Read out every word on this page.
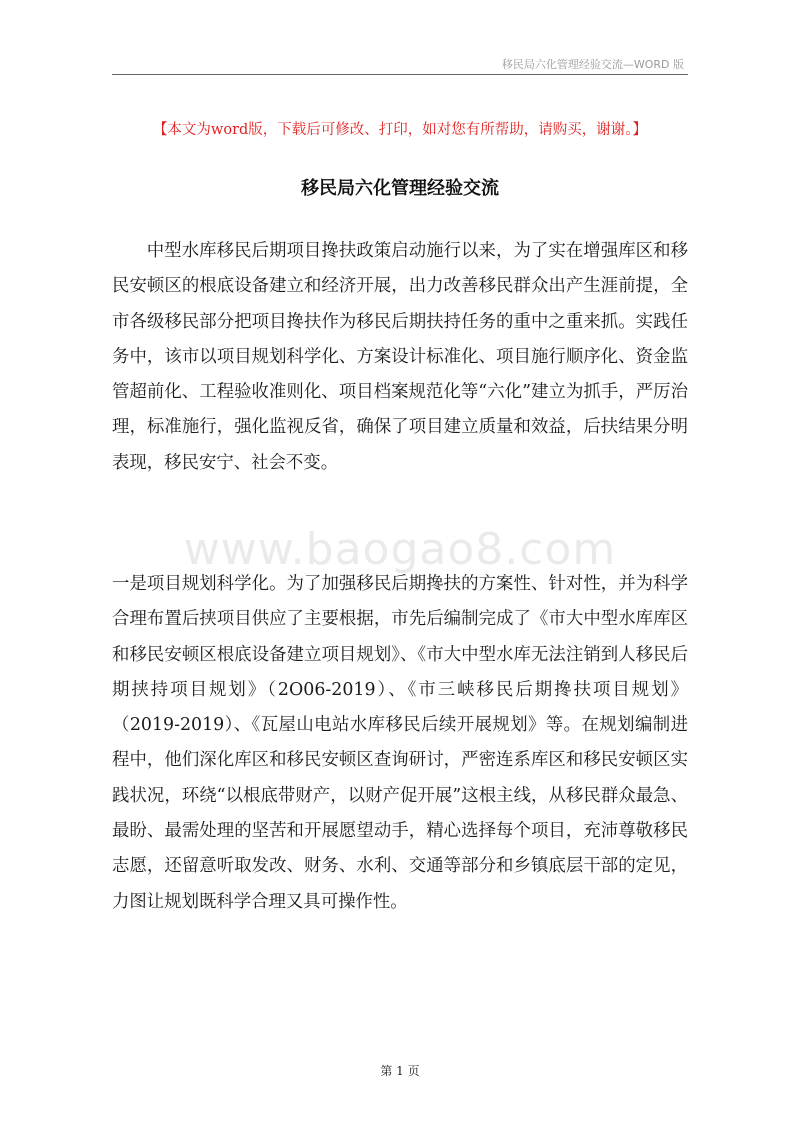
移民局六化管理经验交流—WORD 版
【本文为word版，下载后可修改、打印，如对您有所帮助，请购买，谢谢。】
移民局六化管理经验交流
中型水库移民后期项目搀扶政策启动施行以来，为了实在增强库区和移民安顿区的根底设备建立和经济开展，出力改善移民群众出产生涯前提，全市各级移民部分把项目搀扶作为移民后期扶持任务的重中之重来抓。实践任务中，该市以项目规划科学化、方案设计标准化、项目施行顺序化、资金监管超前化、工程验收准则化、项目档案规范化等“六化”建立为抓手，严厉治理，标准施行，强化监视反省，确保了项目建立质量和效益，后扶结果分明表现，移民安宁、社会不变。
www.baogao8.com
一是项目规划科学化。为了加强移民后期搀扶的方案性、针对性，并为科学合理布置后挟项目供应了主要根据，市先后编制完成了《市大中型水库库区和移民安顿区根底设备建立项目规划》、《市大中型水库无法注销到人移民后期挟持项目规划》（2O06-2019）、《市三峡移民后期搀扶项目规划》（2019-2019）、《瓦屋山电站水库移民后续开展规划》等。在规划编制进程中，他们深化库区和移民安顿区查询研讨，严密连系库区和移民安顿区实践状况，环绕“以根底带财产，以财产促开展”这根主线，从移民群众最急、最盼、最需处理的坚苦和开展愿望动手，精心选择每个项目，充沛尊敬移民志愿，还留意听取发改、财务、水利、交通等部分和乡镇底层干部的定见，力图让规划既科学合理又具可操作性。
第 1 页
